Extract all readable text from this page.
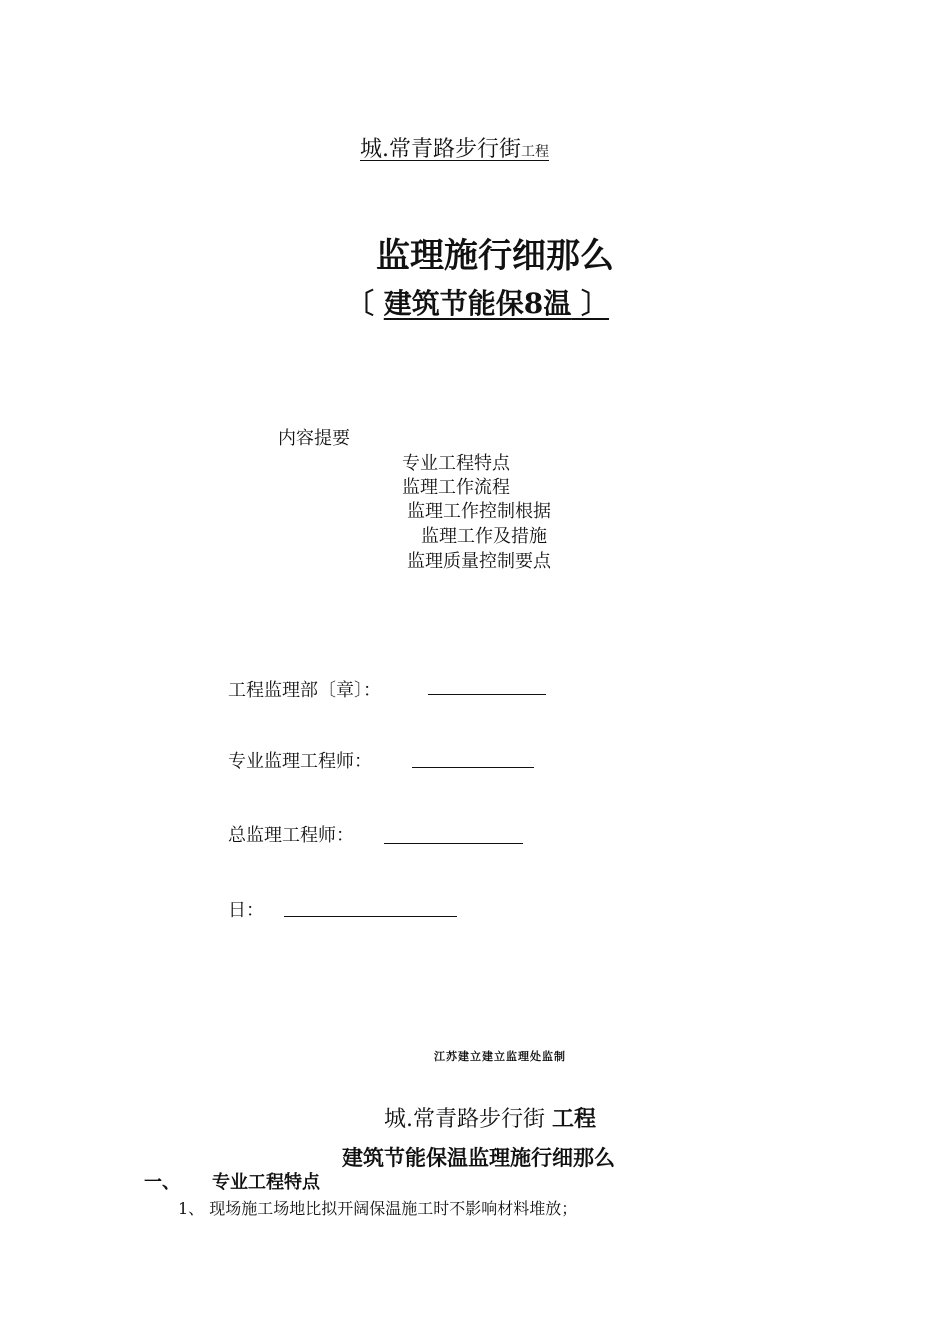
城.常青路步行街工程
监理施行细那么
〔 建筑节能保8温 〕
内容提要
专业工程特点
监理工作流程
监理工作控制根据
监理工作及措施
监理质量控制要点
工程监理部〔章〕：
专业监理工程师：
总监理工程师：
日：
江苏建立建立监理处监制
城.常青路步行街 工程
建筑节能保温监理施行细那么
一、 专业工程特点
1、 现场施工场地比拟开阔保温施工时不影响材料堆放；
